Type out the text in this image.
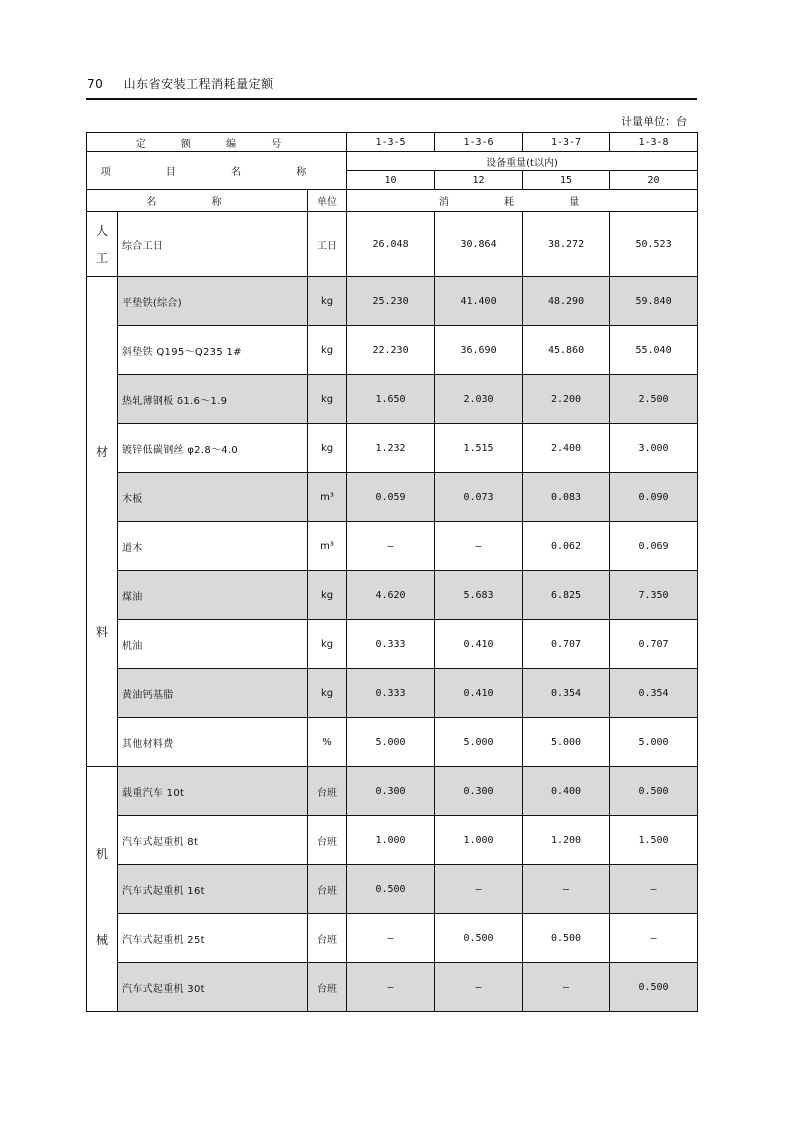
70 山东省安装工程消耗量定额
计量单位：台
定 额 编 号			1-3-5	1-3-6	1-3-7	1-3-8
项 目 名 称			设备重量(t以内)			
			10	12	15	20
名 称		单位	消 耗 量			

人
工	综合工日	工日	26.048	30.864	38.272	50.523

材
料	平垫铁(综合)	kg	25.230	41.400	48.290	59.840
	斜垫铁 Q195～Q235 1#	kg	22.230	36.690	45.860	55.040
	热轧薄钢板 δ1.6～1.9	kg	1.650	2.030	2.200	2.500
	镀锌低碳钢丝 φ2.8～4.0	kg	1.232	1.515	2.400	3.000
	木板	m³	0.059	0.073	0.083	0.090
	道木	m³	—	—	0.062	0.069
	煤油	kg	4.620	5.683	6.825	7.350
	机油	kg	0.333	0.410	0.707	0.707
	黄油钙基脂	kg	0.333	0.410	0.354	0.354
	其他材料费	%	5.000	5.000	5.000	5.000

机
械	载重汽车 10t	台班	0.300	0.300	0.400	0.500
	汽车式起重机 8t	台班	1.000	1.000	1.200	1.500
	汽车式起重机 16t	台班	0.500	—	—	—
	汽车式起重机 25t	台班	—	0.500	0.500	—
	汽车式起重机 30t	台班	—	—	—	0.500
